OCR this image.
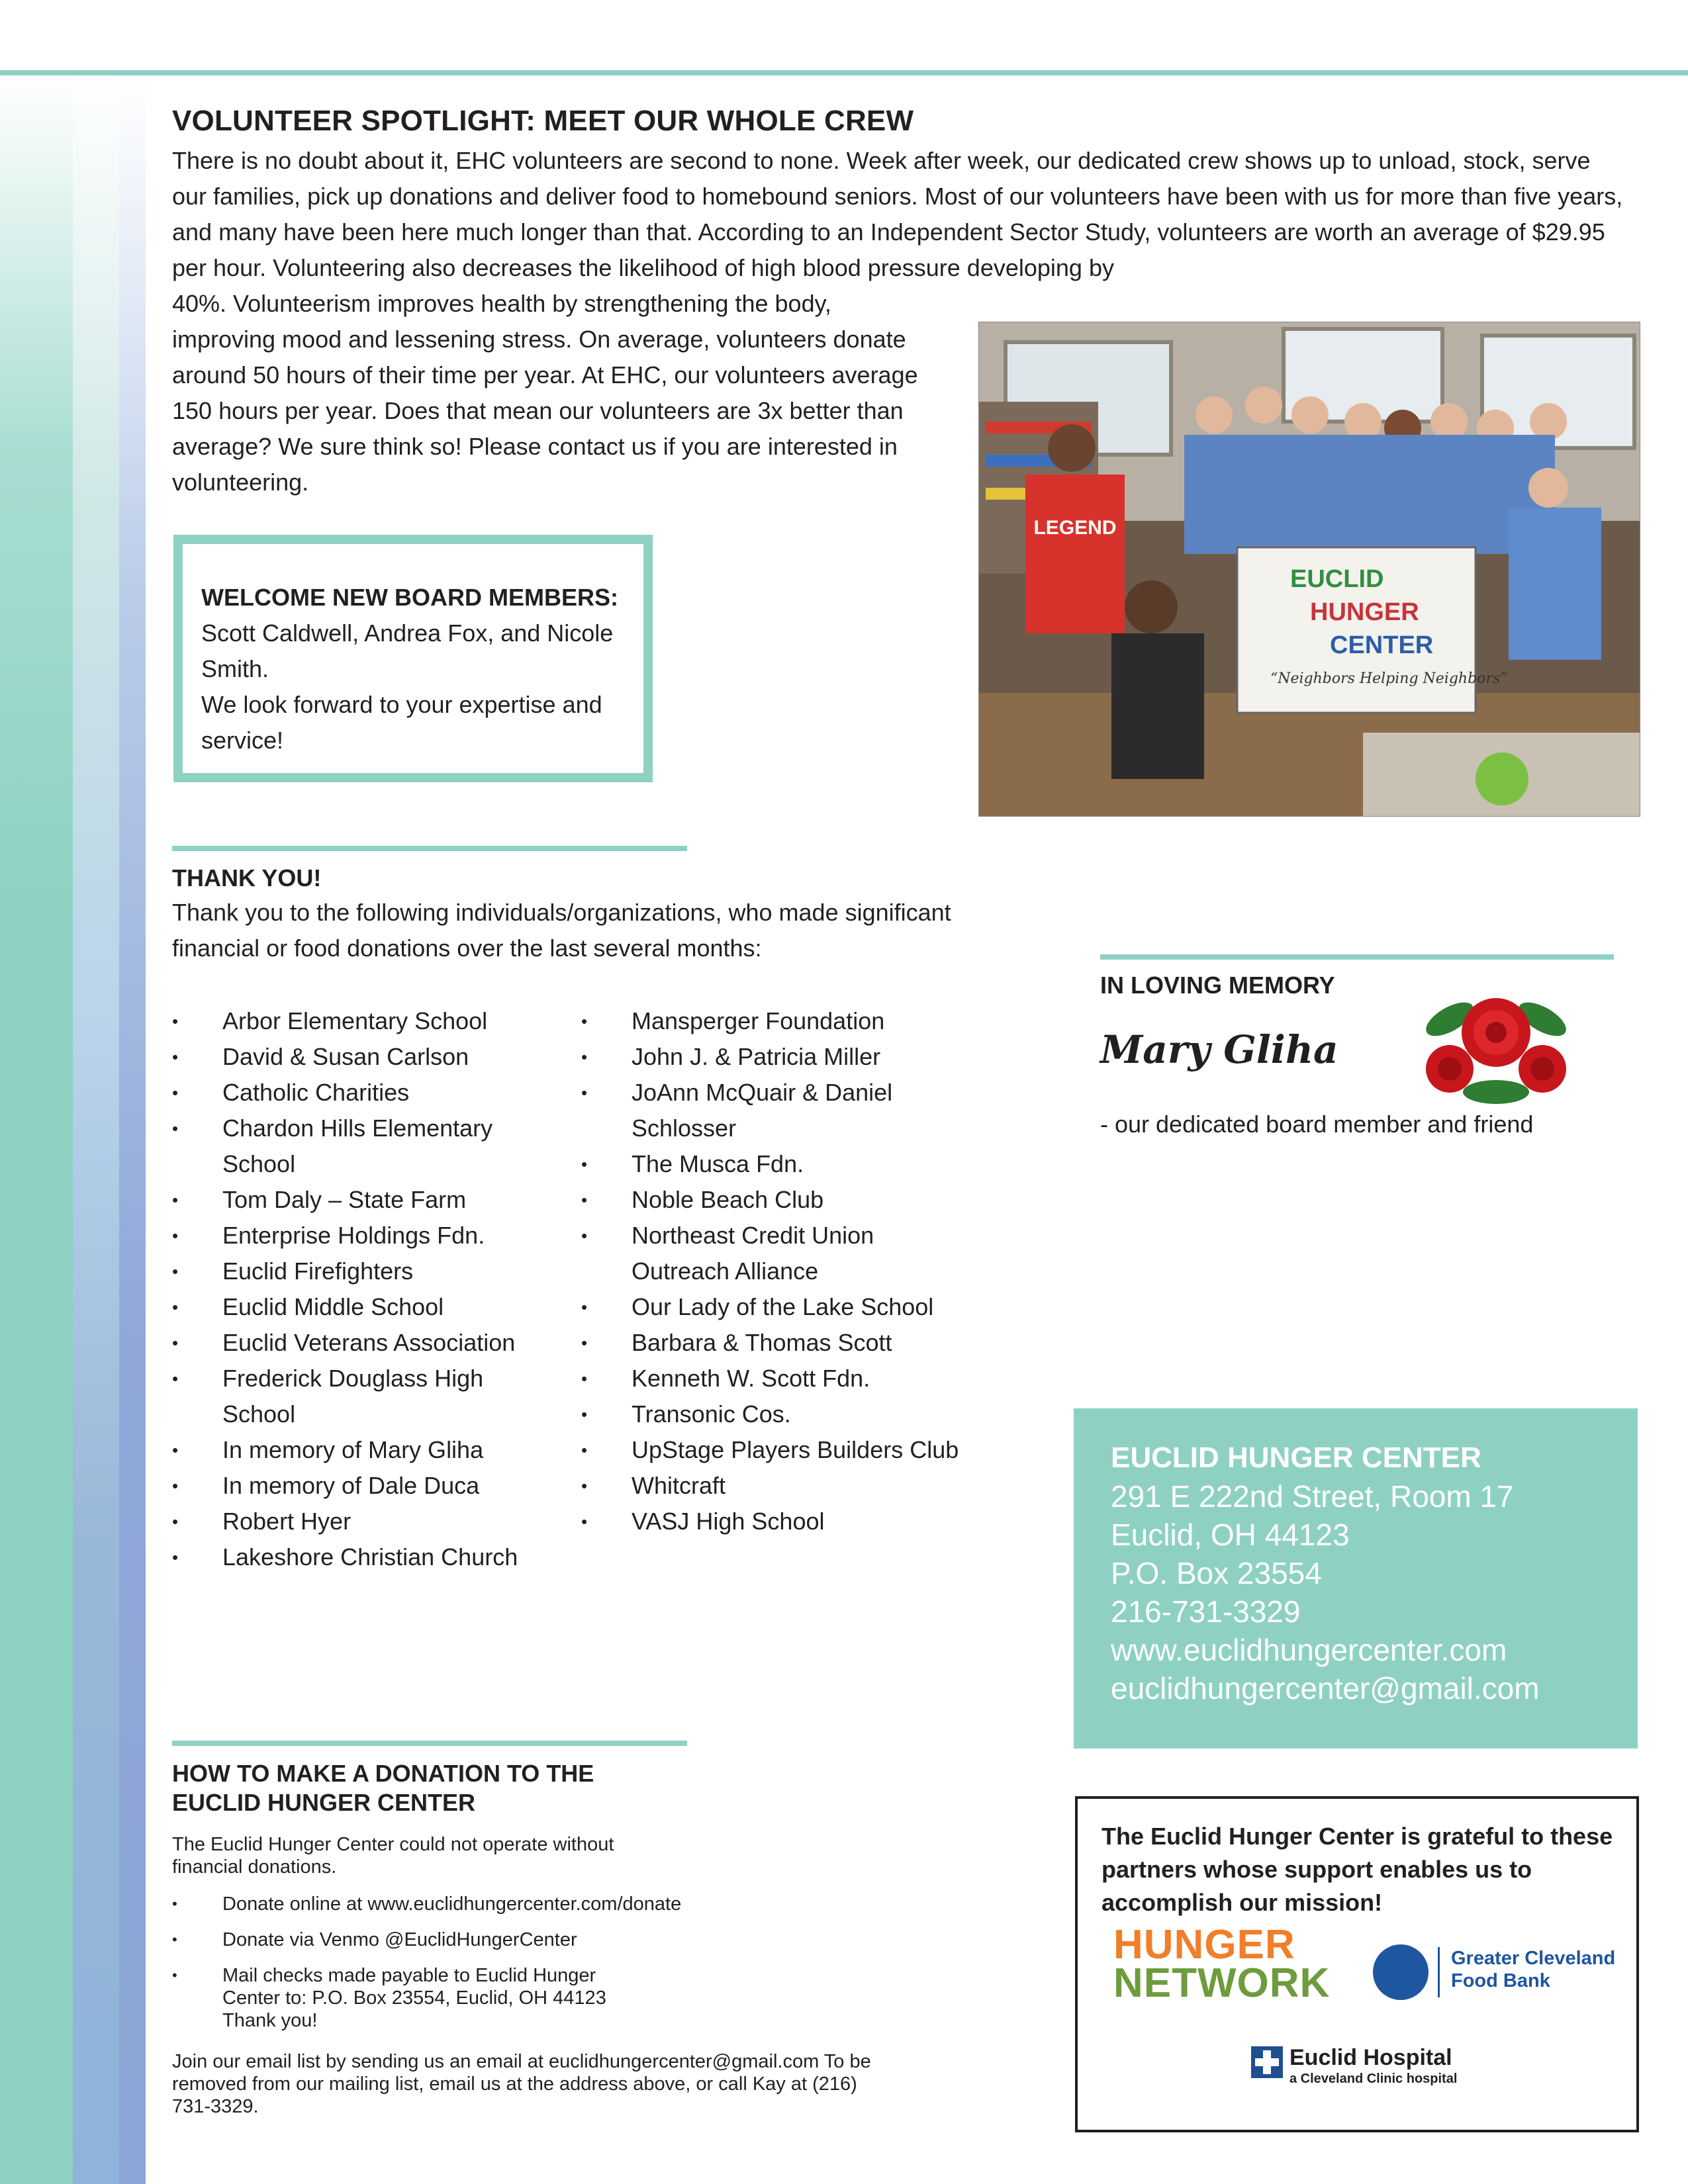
VOLUNTEER SPOTLIGHT: MEET OUR WHOLE CREW
There is no doubt about it, EHC volunteers are second to none. Week after week, our dedicated crew shows up to unload, stock, serve our families, pick up donations and deliver food to homebound seniors. Most of our volunteers have been with us for more than five years, and many have been here much longer than that. According to an Independent Sector Study, volunteers are worth an average of $29.95 per hour. Volunteering also decreases the likelihood of high blood pressure developing by
40%. Volunteerism improves health by strengthening the body, improving mood and lessening stress. On average, volunteers donate around 50 hours of their time per year. At EHC, our volunteers average 150 hours per year. Does that mean our volunteers are 3x better than average? We sure think so! Please contact us if you are interested in volunteering.
LEGEND
EUCLID
HUNGER
CENTER
“Neighbors Helping Neighbors”
WELCOME NEW BOARD MEMBERS:
Scott Caldwell, Andrea Fox, and Nicole Smith.
We look forward to your expertise and service!
THANK YOU!
Thank you to the following individuals/organizations, who made significant financial or food donations over the last several months:
• Arbor Elementary School
• David & Susan Carlson
• Catholic Charities
• Chardon Hills Elementary School
• Tom Daly – State Farm
• Enterprise Holdings Fdn.
• Euclid Firefighters
• Euclid Middle School
• Euclid Veterans Association
• Frederick Douglass High School
• In memory of Mary Gliha
• In memory of Dale Duca
• Robert Hyer
• Lakeshore Christian Church
• Mansperger Foundation
• John J. & Patricia Miller
• JoAnn McQuair & Daniel Schlosser
• The Musca Fdn.
• Noble Beach Club
• Northeast Credit Union Outreach Alliance
• Our Lady of the Lake School
• Barbara & Thomas Scott
• Kenneth W. Scott Fdn.
• Transonic Cos.
• UpStage Players Builders Club
• Whitcraft
• VASJ High School
IN LOVING MEMORY
Mary Gliha
- our dedicated board member and friend
EUCLID HUNGER CENTER
291 E 222nd Street, Room 17
Euclid, OH 44123
P.O. Box 23554
216-731-3329
www.euclidhungercenter.com
euclidhungercenter@gmail.com
HOW TO MAKE A DONATION TO THE EUCLID HUNGER CENTER
The Euclid Hunger Center could not operate without financial donations.
• Donate online at www.euclidhungercenter.com/donate
• Donate via Venmo @EuclidHungerCenter
• Mail checks made payable to Euclid Hunger Center to: P.O. Box 23554, Euclid, OH 44123 Thank you!
Join our email list by sending us an email at euclidhungercenter@gmail.com To be removed from our mailing list, email us at the address above, or call Kay at (216) 731-3329.
The Euclid Hunger Center is grateful to these partners whose support enables us to accomplish our mission!
HUNGER
NETWORK
Greater Cleveland
Food Bank
Euclid Hospital
a Cleveland Clinic hospital
